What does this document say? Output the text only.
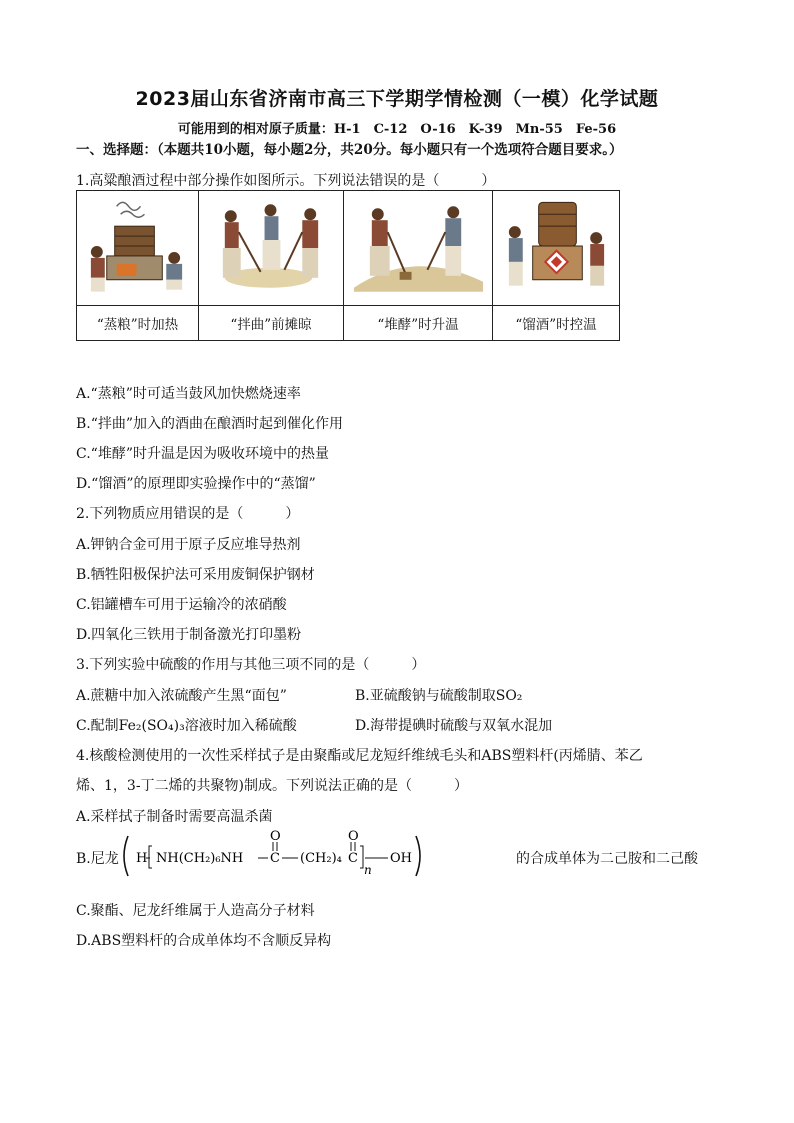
2023届山东省济南市高三下学期学情检测（一模）化学试题
可能用到的相对原子质量：H-1　C-12　O-16　K-39　Mn-55　Fe-56
一、选择题：（本题共10小题，每小题2分，共20分。每小题只有一个选项符合题目要求。）
1.高粱酿酒过程中部分操作如图所示。下列说法错误的是（　　　）

“蒸粮”时加热	“拌曲”前摊晾	“堆酵”时升温	“馏酒”时控温
A.“蒸粮”时可适当鼓风加快燃烧速率
B.“拌曲”加入的酒曲在酿酒时起到催化作用
C.“堆酵”时升温是因为吸收环境中的热量
D.“馏酒”的原理即实验操作中的“蒸馏”
2.下列物质应用错误的是（　　　）
A.钾钠合金可用于原子反应堆导热剂
B.牺牲阳极保护法可采用废铜保护钢材
C.铝罐槽车可用于运输冷的浓硝酸
D.四氧化三铁用于制备激光打印墨粉
3.下列实验中硫酸的作用与其他三项不同的是（　　　）
A.蔗糖中加入浓硫酸产生黑“面包”	B.亚硫酸钠与硫酸制取SO₂
C.配制Fe₂(SO₄)₃溶液时加入稀硫酸	D.海带提碘时硫酸与双氧水混加
4.核酸检测使用的一次性采样拭子是由聚酯或尼龙短纤维绒毛头和ABS塑料杆(丙烯腈、苯乙
烯、1，3-丁二烯的共聚物)制成。下列说法正确的是（　　　）
A.采样拭子制备时需要高温杀菌
B.尼龙 H NH(CH₂)₆NH C
O
(CH₂)₄ C
O
n
OH	的合成单体为二己胺和二己酸
C.聚酯、尼龙纤维属于人造高分子材料
D.ABS塑料杆的合成单体均不含顺反异构
